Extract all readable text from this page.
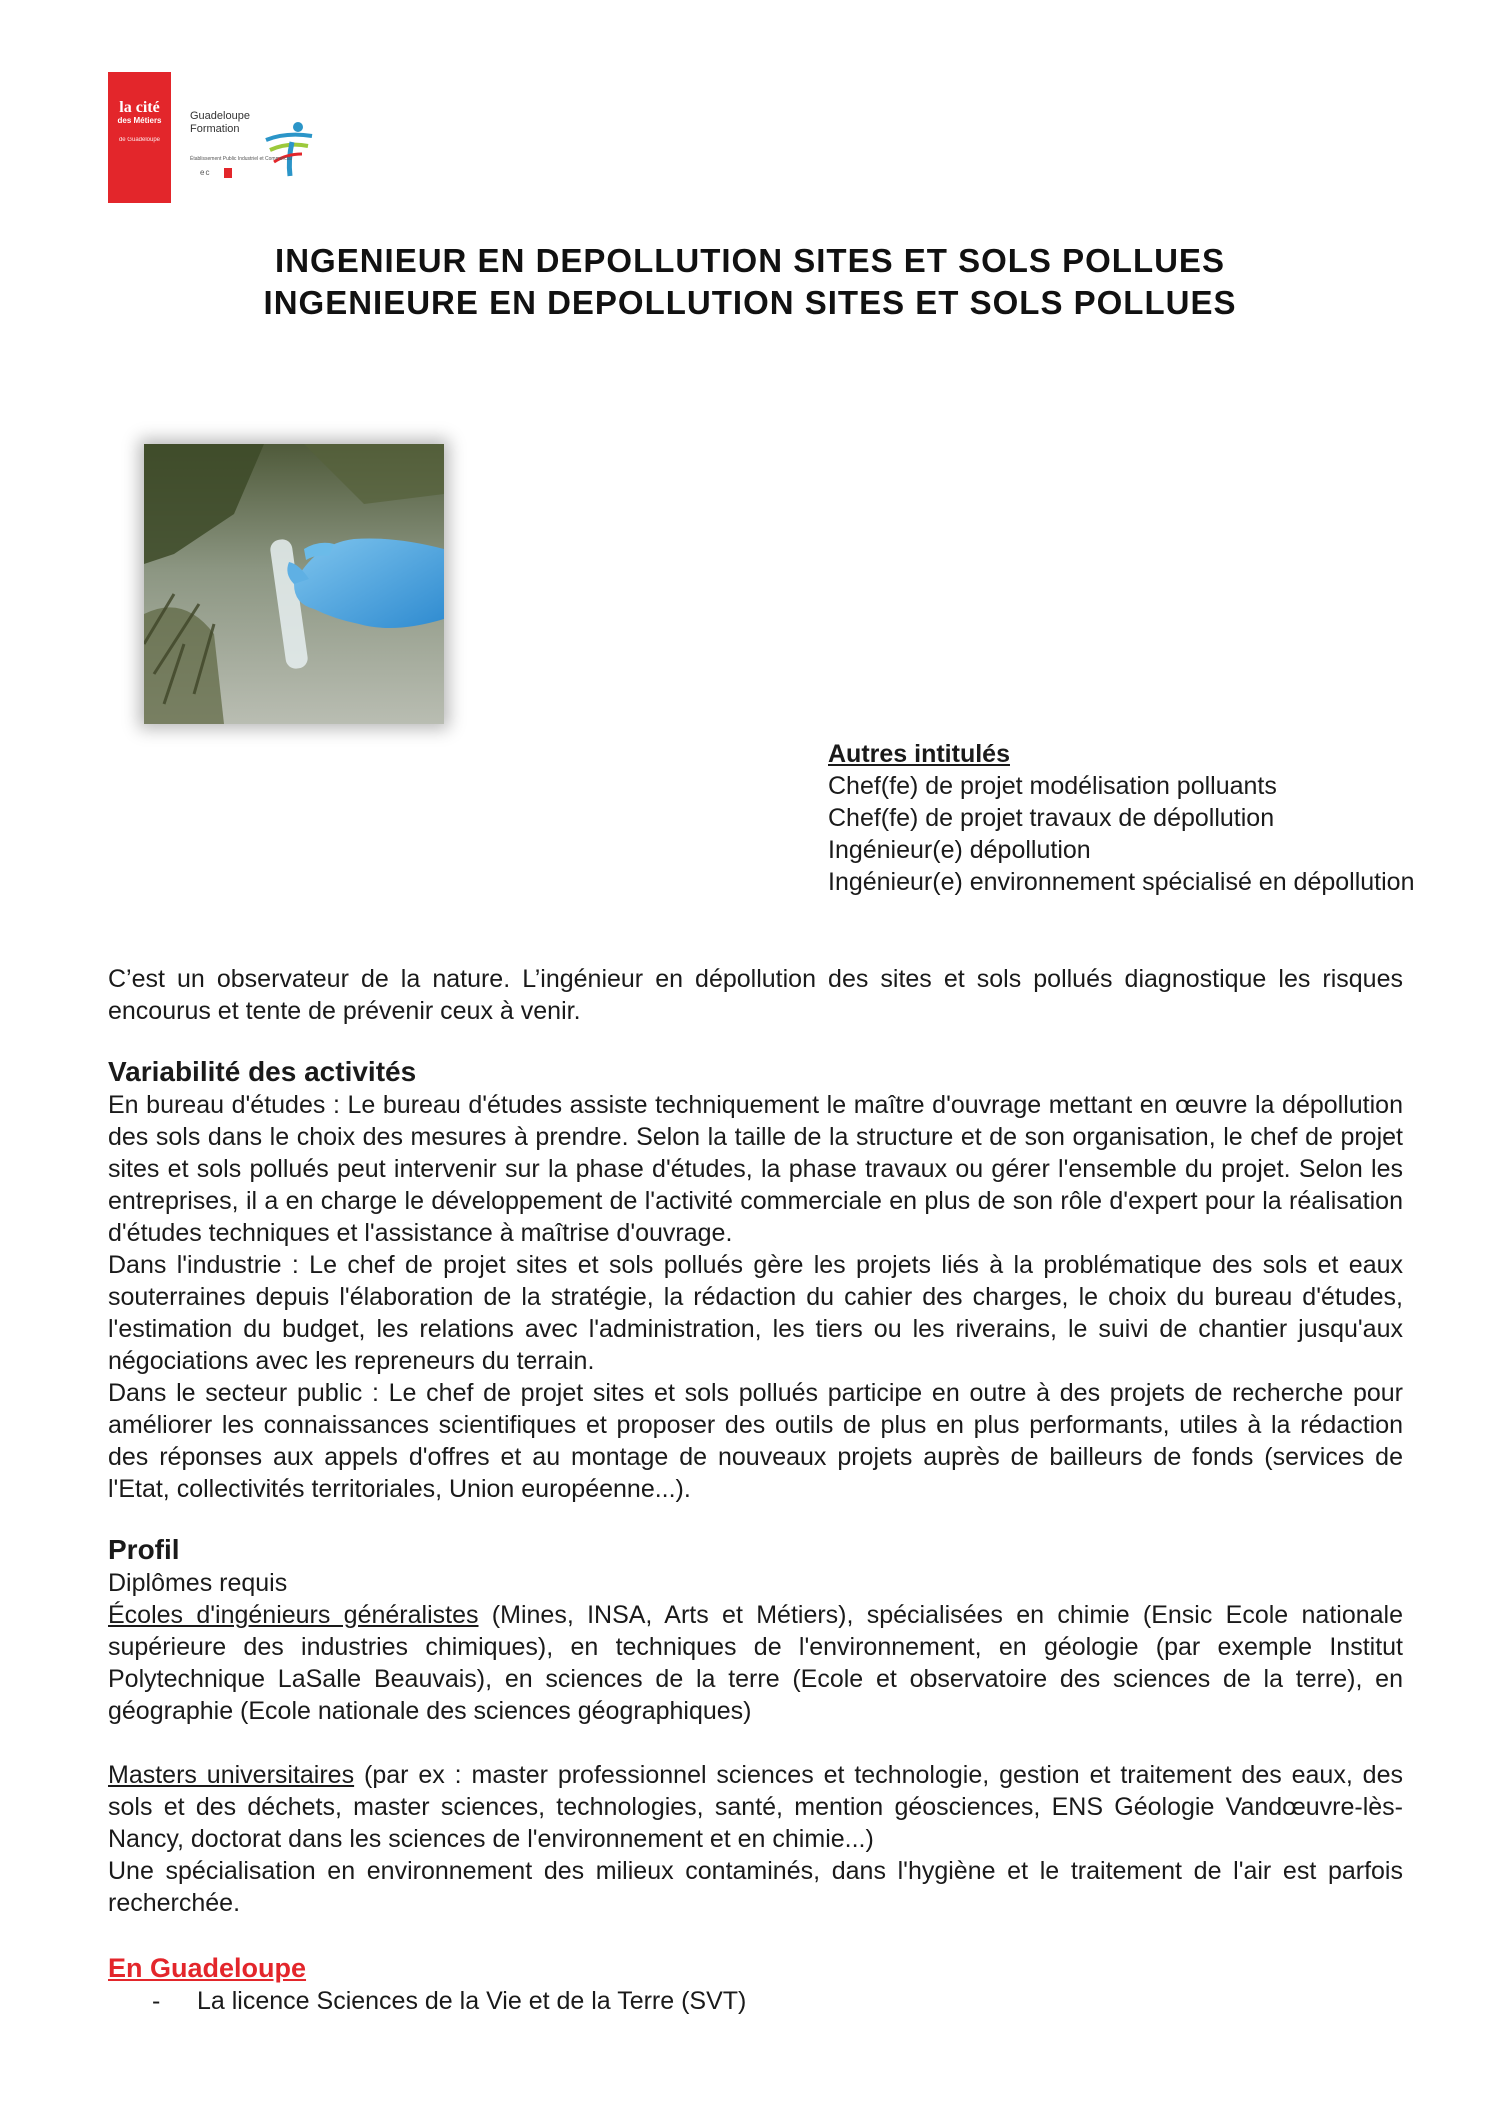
la cité
des Métiers
de Guadeloupe
Guadeloupe
Formation
Établissement Public Industriel et Commercial
ec
INGENIEUR EN DEPOLLUTION SITES ET SOLS POLLUES
INGENIEURE EN DEPOLLUTION SITES ET SOLS POLLUES
Autres intitulés
Chef(fe) de projet modélisation polluants
Chef(fe) de projet travaux de dépollution
Ingénieur(e) dépollution
Ingénieur(e) environnement spécialisé en dépollution

C’est un observateur de la nature. L’ingénieur en dépollution des sites et sols pollués diagnostique les risques encourus et tente de prévenir ceux à venir.

Variabilité des activités

En bureau d'études : Le bureau d'études assiste techniquement le maître d'ouvrage mettant en œuvre la dépollution des sols dans le choix des mesures à prendre. Selon la taille de la structure et de son organisation, le chef de projet sites et sols pollués peut intervenir sur la phase d'études, la phase travaux ou gérer l'ensemble du projet. Selon les entreprises, il a en charge le développement de l'activité commerciale en plus de son rôle d'expert pour la réalisation d'études techniques et l'assistance à maîtrise d'ouvrage.

Dans l'industrie : Le chef de projet sites et sols pollués gère les projets liés à la problématique des sols et eaux souterraines depuis l'élaboration de la stratégie, la rédaction du cahier des charges, le choix du bureau d'études, l'estimation du budget, les relations avec l'administration, les tiers ou les riverains, le suivi de chantier jusqu'aux négociations avec les repreneurs du terrain.

Dans le secteur public : Le chef de projet sites et sols pollués participe en outre à des projets de recherche pour améliorer les connaissances scientifiques et proposer des outils de plus en plus performants, utiles à la rédaction des réponses aux appels d'offres et au montage de nouveaux projets auprès de bailleurs de fonds (services de l'Etat, collectivités territoriales, Union européenne...).

Profil

Diplômes requis

Écoles d'ingénieurs généralistes (Mines, INSA, Arts et Métiers), spécialisées en chimie (Ensic Ecole nationale supérieure des industries chimiques), en techniques de l'environnement, en géologie (par exemple Institut Polytechnique LaSalle Beauvais), en sciences de la terre (Ecole et observatoire des sciences de la terre), en géographie (Ecole nationale des sciences géographiques)

Masters universitaires (par ex : master professionnel sciences et technologie, gestion et traitement des eaux, des sols et des déchets, master sciences, technologies, santé, mention géosciences, ENS Géologie Vandœuvre-lès-Nancy, doctorat dans les sciences de l'environnement et en chimie...)

Une spécialisation en environnement des milieux contaminés, dans l'hygiène et le traitement de l'air est parfois recherchée.

En Guadeloupe
-	La licence Sciences de la Vie et de la Terre (SVT)
